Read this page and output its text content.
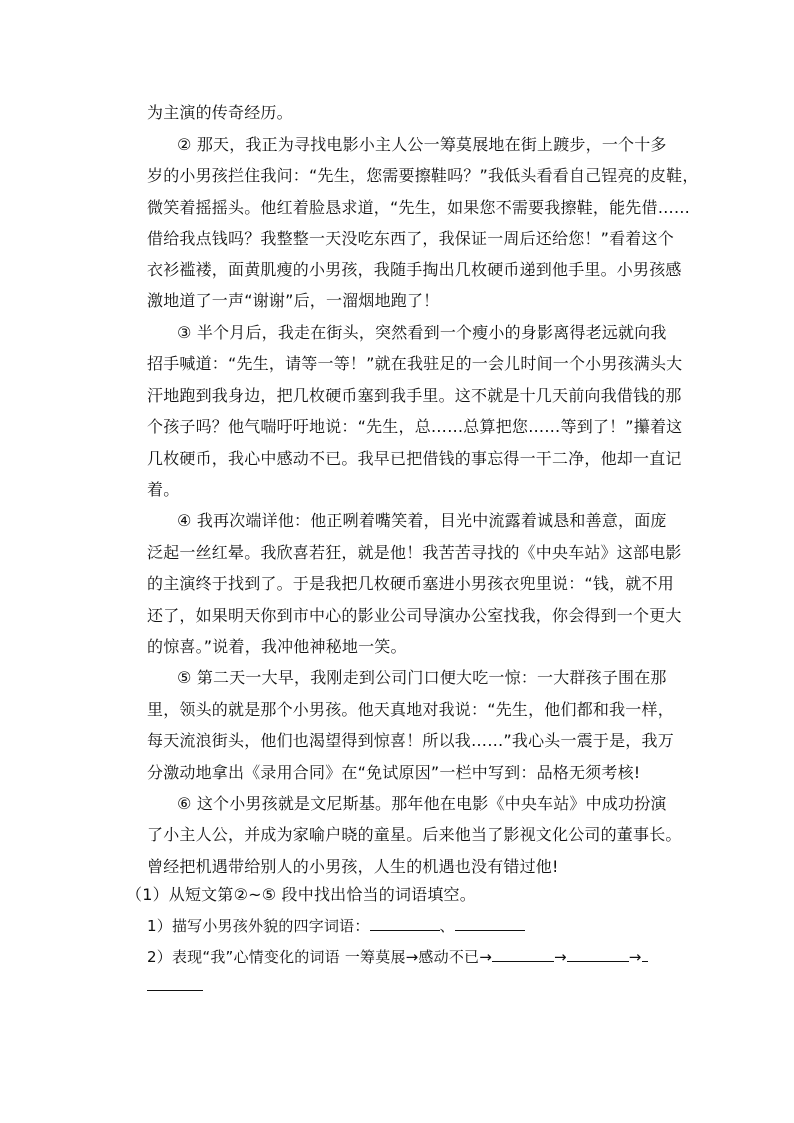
为主演的传奇经历。
② 那天，我正为寻找电影小主人公一筹莫展地在街上踱步，一个十多
岁的小男孩拦住我问：“先生，您需要擦鞋吗？”我低头看看自己锃亮的皮鞋，
微笑着摇摇头。他红着脸恳求道，“先生，如果您不需要我擦鞋，能先借……
借给我点钱吗？我整整一天没吃东西了，我保证一周后还给您！”看着这个
衣衫褴褛，面黄肌瘦的小男孩，我随手掏出几枚硬币递到他手里。小男孩感
激地道了一声“谢谢”后，一溜烟地跑了！
③ 半个月后，我走在街头，突然看到一个瘦小的身影离得老远就向我
招手喊道：“先生，请等一等！”就在我驻足的一会儿时间一个小男孩满头大
汗地跑到我身边，把几枚硬币塞到我手里。这不就是十几天前向我借钱的那
个孩子吗？他气喘吁吁地说：“先生，总……总算把您……等到了！”攥着这
几枚硬币，我心中感动不已。我早已把借钱的事忘得一干二净，他却一直记
着。
④ 我再次端详他：他正咧着嘴笑着，目光中流露着诚恳和善意，面庞
泛起一丝红晕。我欣喜若狂，就是他！我苦苦寻找的《中央车站》这部电影
的主演终于找到了。于是我把几枚硬币塞进小男孩衣兜里说：“钱，就不用
还了，如果明天你到市中心的影业公司导演办公室找我，你会得到一个更大
的惊喜。”说着，我冲他神秘地一笑。
⑤ 第二天一大早，我刚走到公司门口便大吃一惊：一大群孩子围在那
里，领头的就是那个小男孩。他天真地对我说：“先生，他们都和我一样，
每天流浪街头，他们也渴望得到惊喜！所以我……”我心头一震于是，我万
分激动地拿出《录用合同》在“免试原因”一栏中写到：品格无须考核!
⑥ 这个小男孩就是文尼斯基。那年他在电影《中央车站》中成功扮演
了小主人公，并成为家喻户晓的童星。后来他当了影视文化公司的董事长。
曾经把机遇带给别人的小男孩，人生的机遇也没有错过他!
（1）从短文第②~⑤ 段中找出恰当的词语填空。
1）描写小男孩外貌的四字词语：	、
2）表现“我”心情变化的词语 一筹莫展→感动不已→	→	→
